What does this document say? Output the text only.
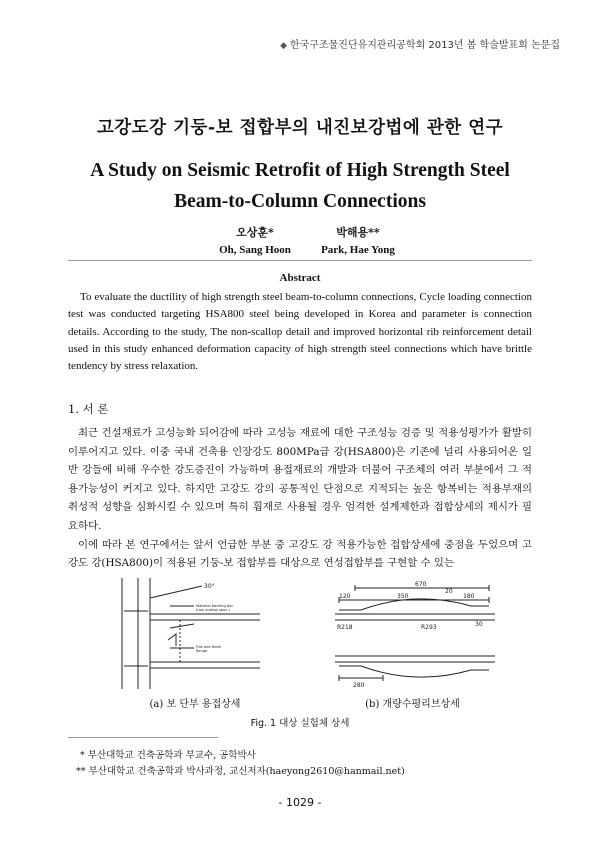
◆ 한국구조물진단유지관리공학회 2013년 봄 학술발표회 논문집
고강도강 기둥-보 접합부의 내진보강법에 관한 연구
A Study on Seismic Retrofit of High Strength Steel
Beam-to-Column Connections
오상훈*
Oh, Sang Hoon
박해용**
Park, Hae Yong
Abstract
To evaluate the ductility of high strength steel beam-to-column connections, Cycle loading connection test was conducted targeting HSA800 steel being developed in Korea and parameter is connection details. According to the study, The non-scallop detail and improved horizontal rib reinforcement detail used in this study enhanced deformation capacity of high strength steel connections which have brittle tendency by stress relaxation.
1. 서 론

최근 건설재료가 고성능화 되어감에 따라 고성능 재료에 대한 구조성능 검증 및 적용성평가가 활발히 이루어지고 있다. 이중 국내 건축용 인장강도 800MPa급 강(HSA800)은 기존에 널리 사용되어온 일반 강들에 비해 우수한 강도증진이 가능하며 용접재료의 개발과 더불어 구조체의 여러 부분에서 그 적용가능성이 커지고 있다. 하지만 고강도 강의 공통적인 단점으로 지적되는 높은 항복비는 적용부재의 취성적 성향을 심화시킬 수 있으며 특히 휨재로 사용될 경우 엄격한 설계제한과 접합상세의 제시가 필요하다.

이에 따라 본 연구에서는 앞서 언급한 부분 중 고강도 강 적용가능한 접합상세에 중점을 두었으며 고강도 강(HSA800)이 적용된 기둥-보 접합부를 대상으로 연성접합부를 구현할 수 있는

30°
Material backing bar
(non scallop spec.)
Fills and finish
flange
670
120	350
20
180
R218	R293	30
280
(a) 보 단부 용접상세	(b) 개량수평리브상세
Fig. 1 대상 실험체 상세
* 부산대학교 건축공학과 부교수, 공학박사
** 부산대학교 건축공학과 박사과정, 교신저자(haeyong2610@hanmail.net)
- 1029 -
